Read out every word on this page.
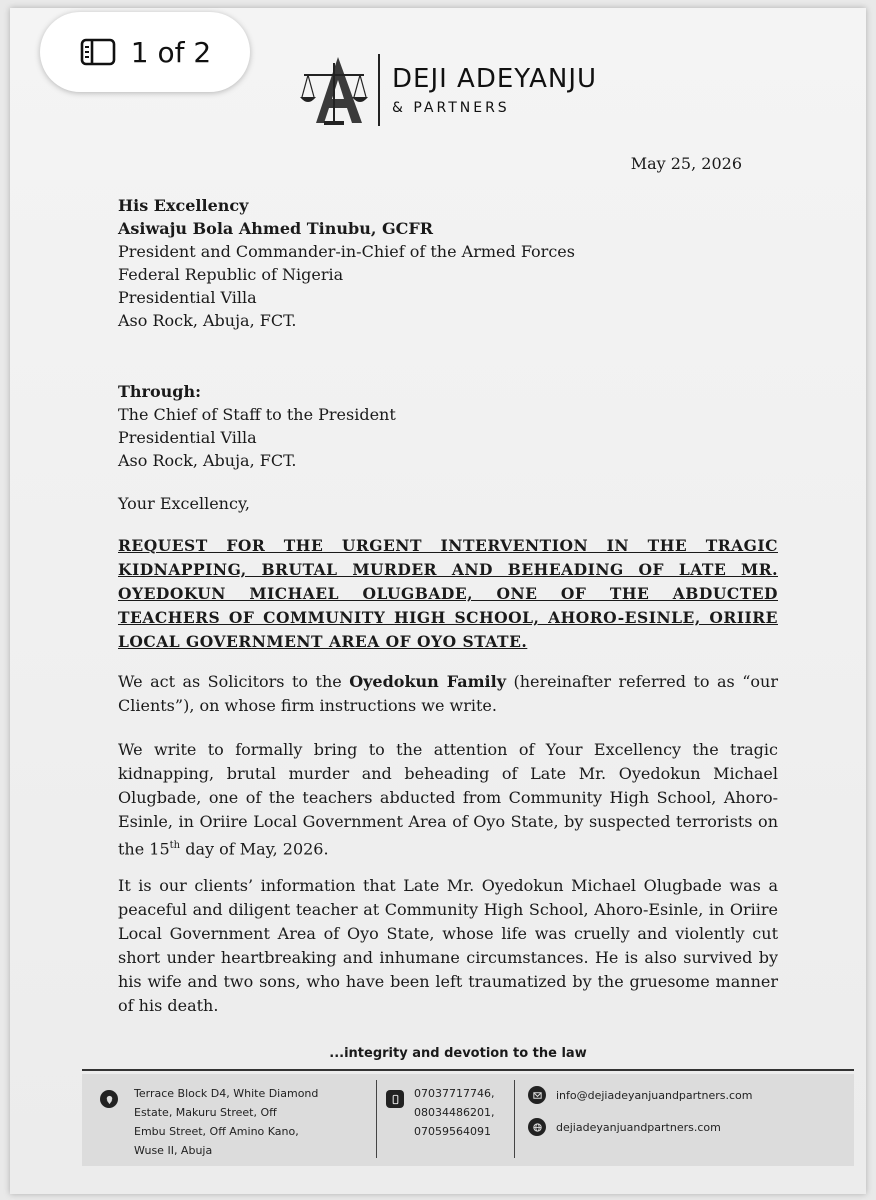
DEJI ADEYANJU
& PARTNERS
May 25, 2026
His Excellency
Asiwaju Bola Ahmed Tinubu, GCFR
President and Commander-in-Chief of the Armed Forces
Federal Republic of Nigeria
Presidential Villa
Aso Rock, Abuja, FCT.
Through:
The Chief of Staff to the President
Presidential Villa
Aso Rock, Abuja, FCT.
Your Excellency,
REQUEST FOR THE URGENT INTERVENTION IN THE TRAGIC KIDNAPPING, BRUTAL MURDER AND BEHEADING OF LATE MR. OYEDOKUN MICHAEL OLUGBADE, ONE OF THE ABDUCTED TEACHERS OF COMMUNITY HIGH SCHOOL, AHORO-ESINLE, ORIIRE LOCAL GOVERNMENT AREA OF OYO STATE.
We act as Solicitors to the Oyedokun Family (hereinafter referred to as “our Clients”), on whose firm instructions we write.
We write to formally bring to the attention of Your Excellency the tragic kidnapping, brutal murder and beheading of Late Mr. Oyedokun Michael Olugbade, one of the teachers abducted from Community High School, Ahoro-Esinle, in Oriire Local Government Area of Oyo State, by suspected terrorists on the 15th day of May, 2026.
It is our clients’ information that Late Mr. Oyedokun Michael Olugbade was a peaceful and diligent teacher at Community High School, Ahoro-Esinle, in Oriire Local Government Area of Oyo State, whose life was cruelly and violently cut short under heartbreaking and inhumane circumstances. He is also survived by his wife and two sons, who have been left traumatized by the gruesome manner of his death.
...integrity and devotion to the law
Terrace Block D4, White Diamond
Estate, Makuru Street, Off
Embu Street, Off Amino Kano,
Wuse II, Abuja
07037717746,
08034486201,
07059564091
info@dejiadeyanjuandpartners.com
dejiadeyanjuandpartners.com
1 of 2
